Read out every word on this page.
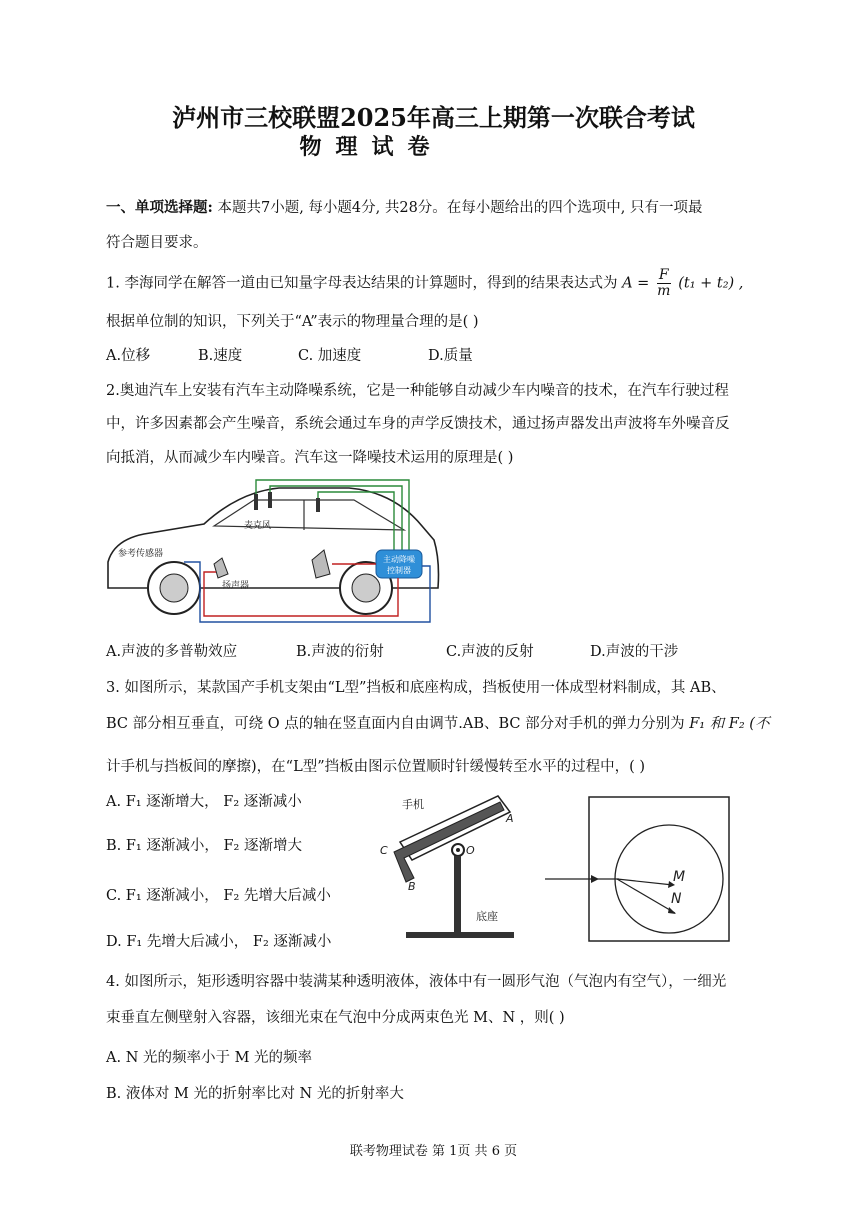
泸州市三校联盟2025年高三上期第一次联合考试
物理试卷
一、单项选择题: 本题共7小题, 每小题4分, 共28分。在每小题给出的四个选项中, 只有一项最
符合题目要求。
1. 李海同学在解答一道由已知量字母表达结果的计算题时，得到的结果表达式为 $A = \frac{F}{m} (t_1 + t_2)$ ,
根据单位制的知识，下列关于“A”表示的物理量合理的是( )
A.位移	B.速度	C. 加速度	D.质量
2.奥迪汽车上安装有汽车主动降噪系统，它是一种能够自动减少车内噪音的技术，在汽车行驶过程
中，许多因素都会产生噪音，系统会通过车身的声学反馈技术，通过扬声器发出声波将车外噪音反
向抵消，从而减少车内噪音。汽车这一降噪技术运用的原理是( )
主动降噪
控制器
麦克风
参考传感器
扬声器
A.声波的多普勒效应	B.声波的衍射	C.声波的反射	D.声波的干涉
3. 如图所示，某款国产手机支架由“L型”挡板和底座构成，挡板使用一体成型材料制成，其 AB、
BC 部分相互垂直，可绕 O 点的轴在竖直面内自由调节.AB、BC 部分对手机的弹力分别为 F₁ 和 F₂ (不
计手机与挡板间的摩擦)，在“L型”挡板由图示位置顺时针缓慢转至水平的过程中，( )
A. F₁ 逐渐增大， F₂ 逐渐减小
B. F₁ 逐渐减小， F₂ 逐渐增大
C. F₁ 逐渐减小， F₂ 先增大后减小
D. F₁ 先增大后减小， F₂ 逐渐减小
手机
A
B
C	O
底座
M
N
4. 如图所示，矩形透明容器中装满某种透明液体，液体中有一圆形气泡（气泡内有空气），一细光
束垂直左侧壁射入容器，该细光束在气泡中分成两束色光 M、N ，则( )
A. N 光的频率小于 M 光的频率
B. 液体对 M 光的折射率比对 N 光的折射率大
联考物理试卷 第 1页 共 6 页
